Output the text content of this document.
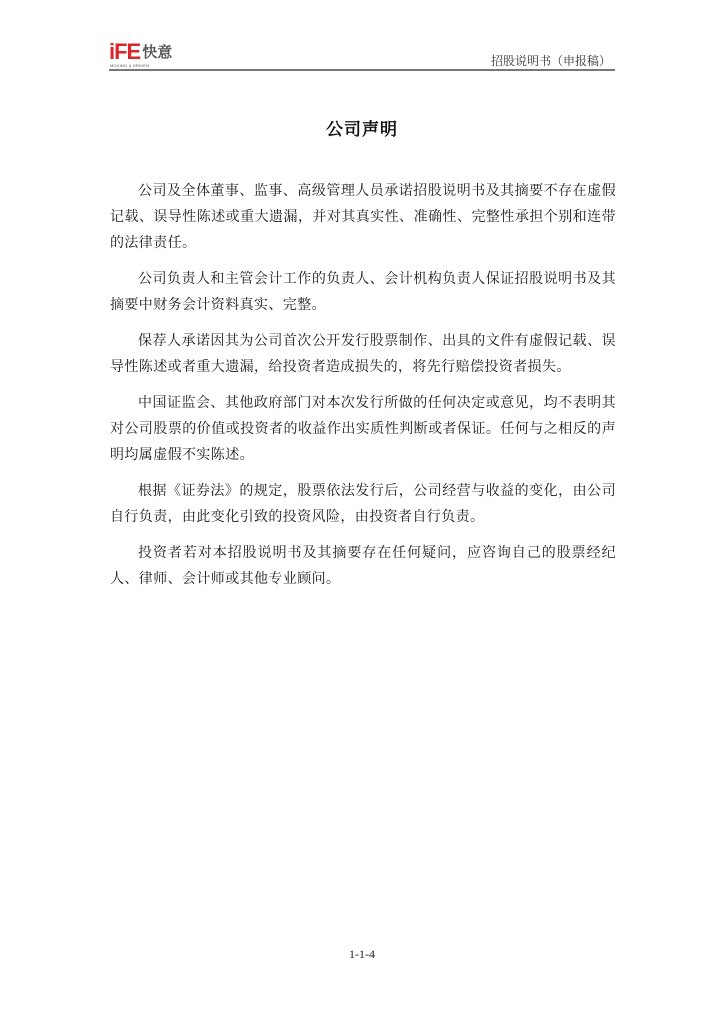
iFE 快意
MOVING & DRIVEN	招股说明书（申报稿）
公司声明

公司及全体董事、监事、高级管理人员承诺招股说明书及其摘要不存在虚假记载、误导性陈述或重大遗漏，并对其真实性、准确性、完整性承担个别和连带的法律责任。

公司负责人和主管会计工作的负责人、会计机构负责人保证招股说明书及其摘要中财务会计资料真实、完整。

保荐人承诺因其为公司首次公开发行股票制作、出具的文件有虚假记载、误导性陈述或者重大遗漏，给投资者造成损失的，将先行赔偿投资者损失。

中国证监会、其他政府部门对本次发行所做的任何决定或意见，均不表明其对公司股票的价值或投资者的收益作出实质性判断或者保证。任何与之相反的声明均属虚假不实陈述。

根据《证券法》的规定，股票依法发行后，公司经营与收益的变化，由公司自行负责，由此变化引致的投资风险，由投资者自行负责。

投资者若对本招股说明书及其摘要存在任何疑问，应咨询自己的股票经纪人、律师、会计师或其他专业顾问。

1-1-4
